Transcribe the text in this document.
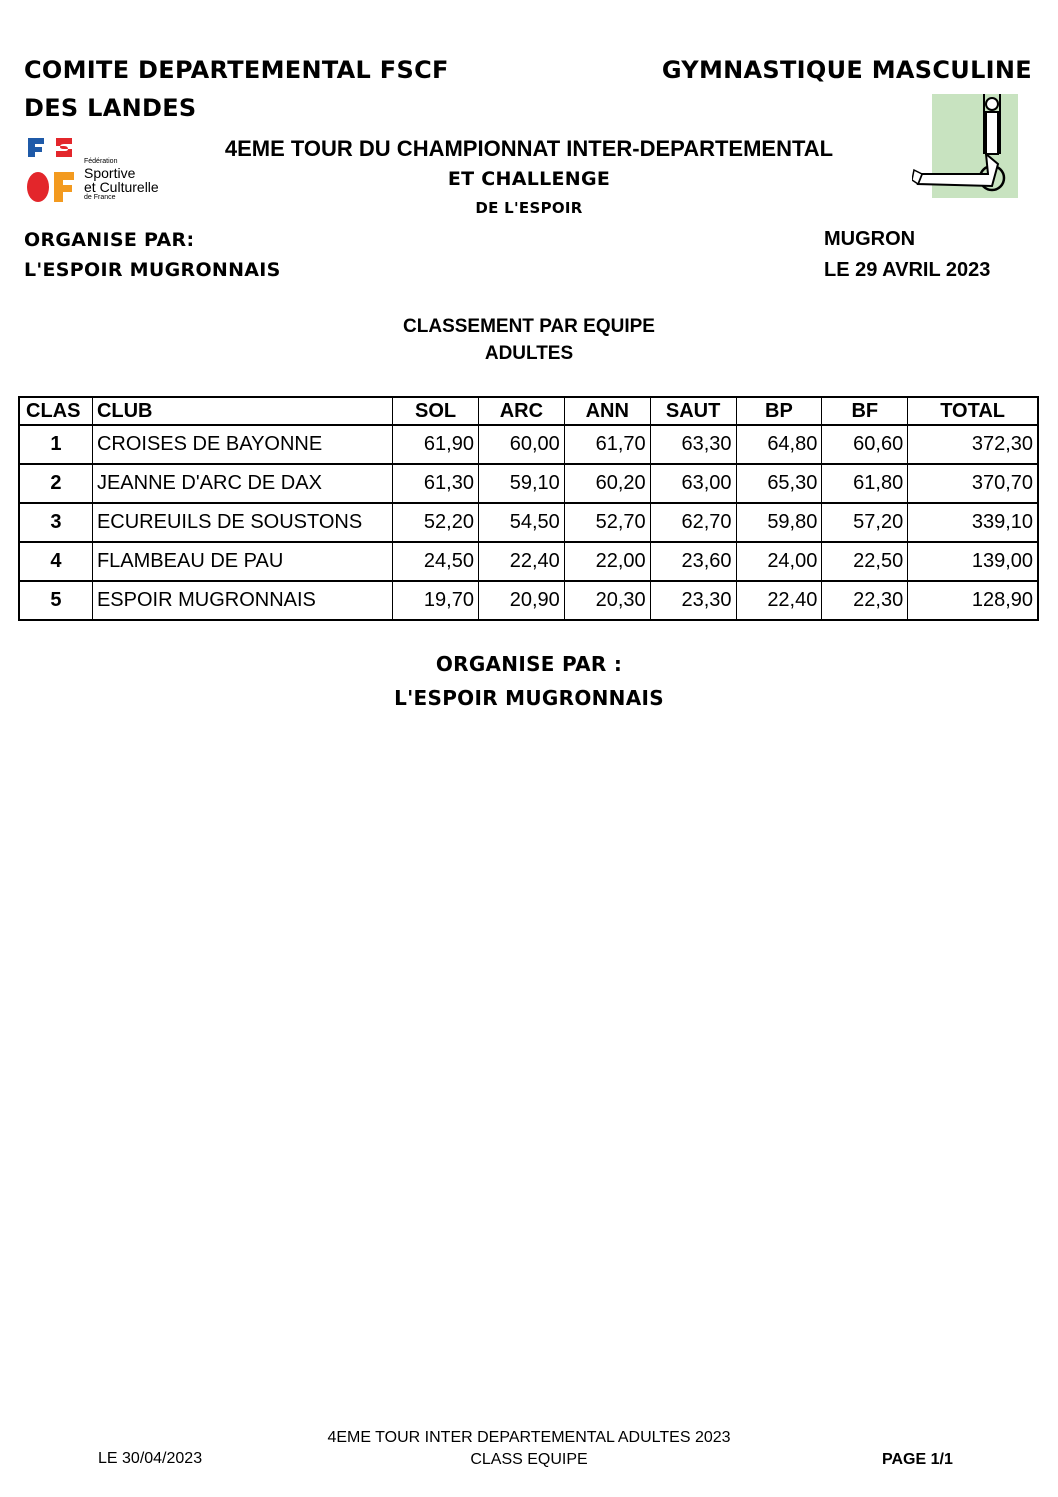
COMITE DEPARTEMENTAL FSCF
DES LANDES
GYMNASTIQUE MASCULINE
Fédération
Sportive
et Culturelle
de France
4EME TOUR DU CHAMPIONNAT INTER-DEPARTEMENTAL
ET CHALLENGE
DE L'ESPOIR
ORGANISE PAR:
L'ESPOIR MUGRONNAIS
MUGRON
LE 29 AVRIL 2023
CLASSEMENT PAR EQUIPE
ADULTES
CLAS	CLUB	SOL	ARC	ANN	SAUT	BP	BF	TOTAL
1	CROISES DE BAYONNE	61,90	60,00	61,70	63,30	64,80	60,60	372,30
2	JEANNE D'ARC DE DAX	61,30	59,10	60,20	63,00	65,30	61,80	370,70
3	ECUREUILS DE SOUSTONS	52,20	54,50	52,70	62,70	59,80	57,20	339,10
4	FLAMBEAU DE PAU	24,50	22,40	22,00	23,60	24,00	22,50	139,00
5	ESPOIR MUGRONNAIS	19,70	20,90	20,30	23,30	22,40	22,30	128,90
ORGANISE PAR :
L'ESPOIR MUGRONNAIS
4EME TOUR INTER DEPARTEMENTAL ADULTES 2023
CLASS EQUIPE
LE 30/04/2023	PAGE 1/1
